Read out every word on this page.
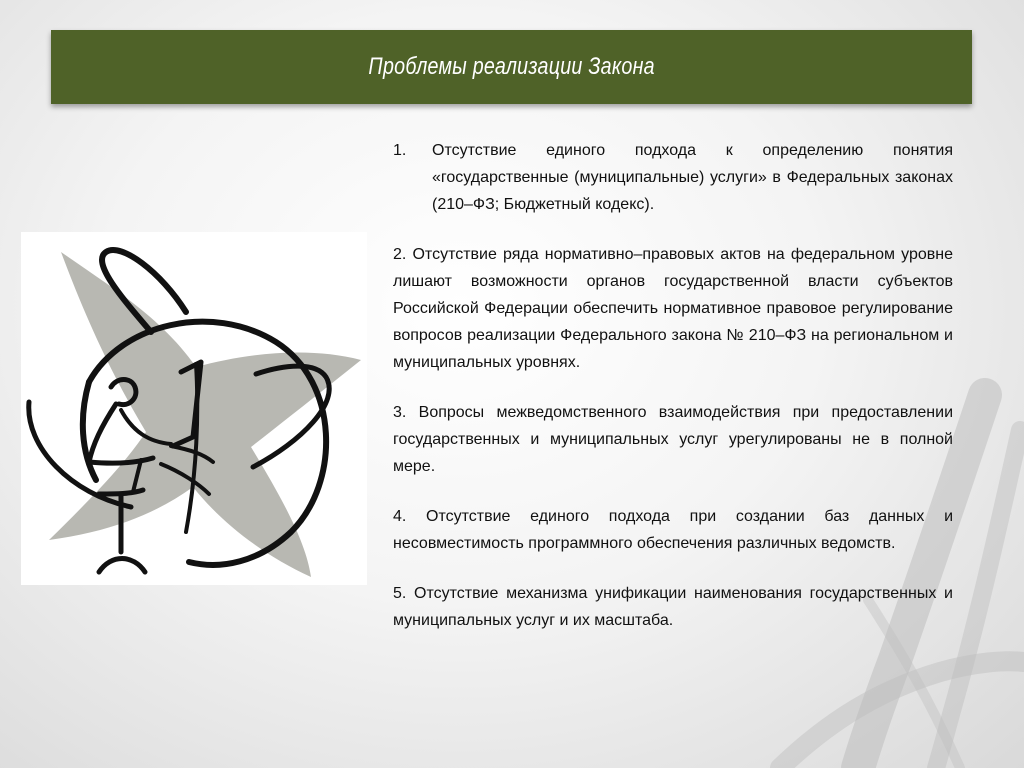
Проблемы реализации Закона
1.	Отсутствие единого подхода к определению понятия «государственные (муниципальные) услуги» в Федеральных законах (210–ФЗ; Бюджетный кодекс).
2. Отсутствие ряда нормативно–правовых актов на федеральном уровне лишают возможности органов государственной власти субъектов Российской Федерации обеспечить нормативное правовое регулирование вопросов реализации Федерального закона № 210–ФЗ на региональном и муниципальных уровнях.
3. Вопросы межведомственного взаимодействия при предоставлении государственных и муниципальных услуг урегулированы не в полной мере.
4. Отсутствие единого подхода при создании баз данных и несовместимость программного обеспечения различных ведомств.
5. Отсутствие механизма унификации наименования государственных и муниципальных услуг и их масштаба.
